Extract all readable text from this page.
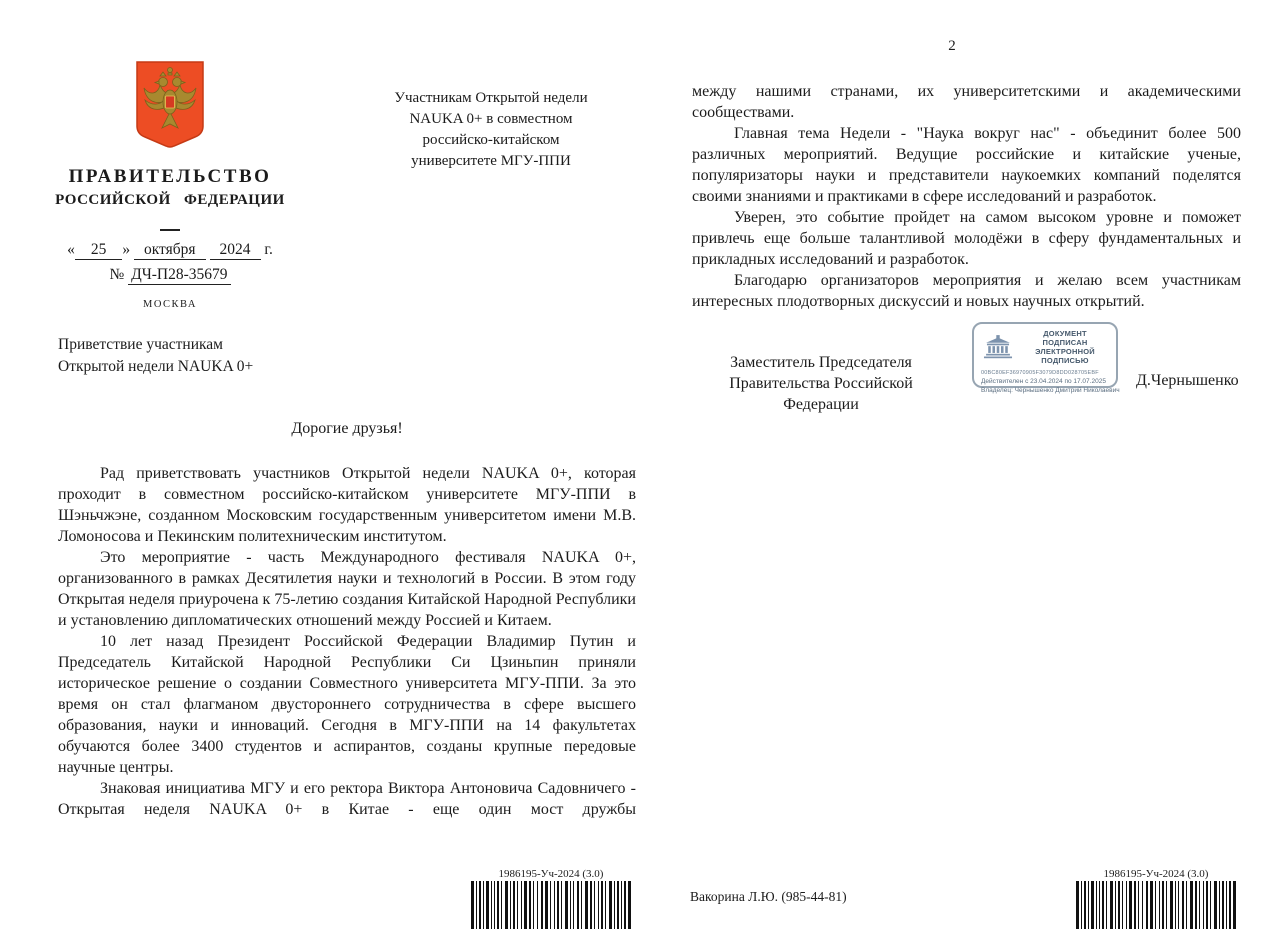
ПРАВИТЕЛЬСТВО
РОССИЙСКОЙ ФЕДЕРАЦИИ
« 25 » октября 2024 г.
№ ДЧ-П28-35679
МОСКВА
Участникам Открытой недели
NAUKA 0+ в совместном
российско-китайском
университете МГУ-ППИ
Приветствие участникам
Открытой недели NAUKA 0+
Дорогие друзья!

Рад приветствовать участников Открытой недели NAUKA 0+, которая проходит в совместном российско-китайском университете МГУ-ППИ в Шэньчжэне, созданном Московским государственным университетом имени М.В. Ломоносова и Пекинским политехническим институтом.

Это мероприятие - часть Международного фестиваля NAUKA 0+, организованного в рамках Десятилетия науки и технологий в России. В этом году Открытая неделя приурочена к 75-летию создания Китайской Народной Республики и установлению дипломатических отношений между Россией и Китаем.

10 лет назад Президент Российской Федерации Владимир Путин и Председатель Китайской Народной Республики Си Цзиньпин приняли историческое решение о создании Совместного университета МГУ-ППИ. За это время он стал флагманом двустороннего сотрудничества в сфере высшего образования, науки и инноваций. Сегодня в МГУ-ППИ на 14 факультетах обучаются более 3400 студентов и аспирантов, созданы крупные передовые научные центры.

Знаковая инициатива МГУ и его ректора Виктора Антоновича Садовничего - Открытая неделя NAUKA 0+ в Китае - еще один мост дружбы

2

между нашими странами, их университетскими и академическими сообществами.

Главная тема Недели - "Наука вокруг нас" - объединит более 500 различных мероприятий. Ведущие российские и китайские ученые, популяризаторы науки и представители наукоемких компаний поделятся своими знаниями и практиками в сфере исследований и разработок.

Уверен, это событие пройдет на самом высоком уровне и поможет привлечь еще больше талантливой молодёжи в сферу фундаментальных и прикладных исследований и разработок.

Благодарю организаторов мероприятия и желаю всем участникам интересных плодотворных дискуссий и новых научных открытий.

Заместитель Председателя
Правительства Российской Федерации
ДОКУМЕНТ ПОДПИСАН
ЭЛЕКТРОННОЙ ПОДПИСЬЮ
00BC80EF36970905F3079D8DD028705EBF
Действителен с 23.04.2024 по 17.07.2025
Владелец: Чернышенко Дмитрий Николаевич
Д.Чернышенко
1986195-Уч-2024 (3.0)
Вакорина Л.Ю. (985-44-81)
1986195-Уч-2024 (3.0)
